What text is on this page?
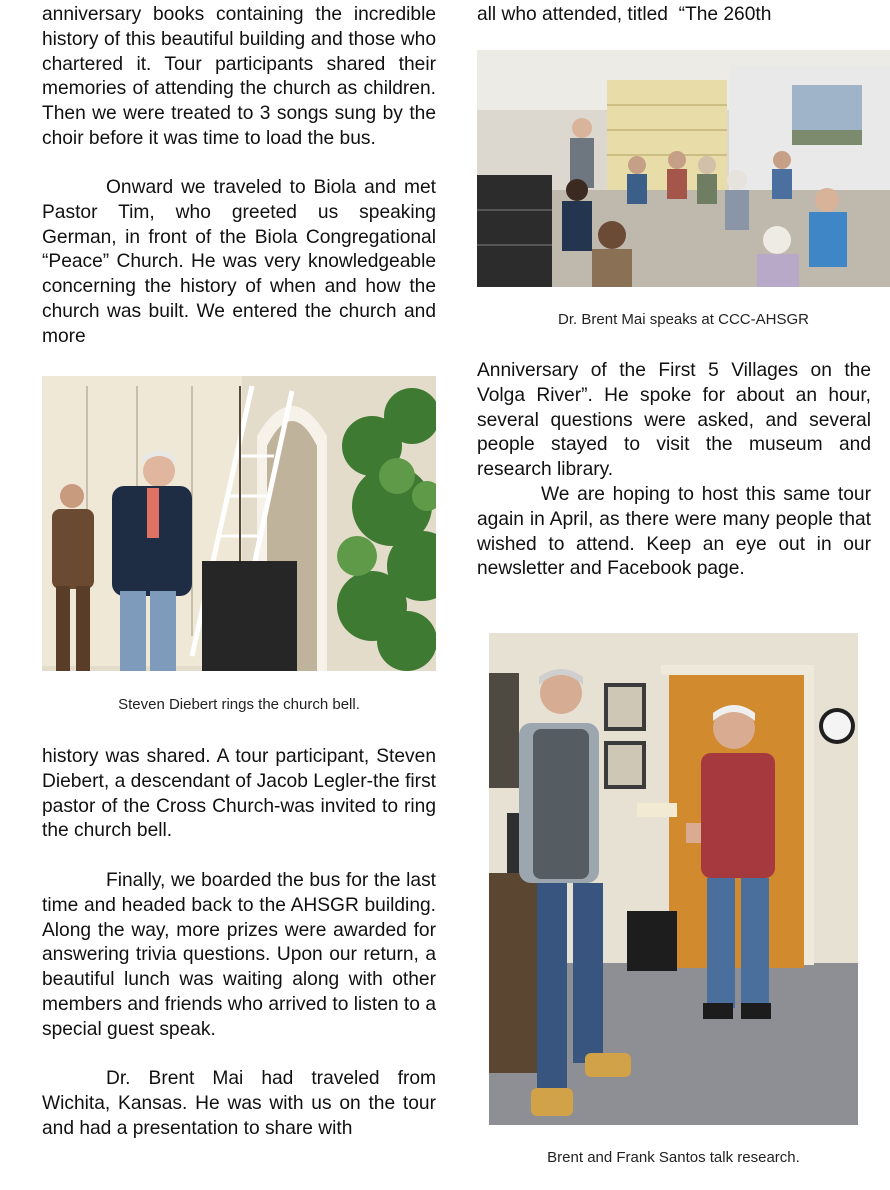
anniversary books containing the incredible history of this beautiful building and those who chartered it. Tour participants shared their memories of attending the church as children. Then we were treated to 3 songs sung by the choir before it was time to load the bus.

Onward we traveled to Biola and met Pastor Tim, who greeted us speaking German, in front of the Biola Congregational “Peace” Church. He was very knowledgeable concerning the history of when and how the church was built. We entered the church and more

Steven Diebert rings the church bell.

history was shared. A tour participant, Steven Diebert, a descendant of Jacob Legler-the first pastor of the Cross Church-was invited to ring the church bell.

Finally, we boarded the bus for the last time and headed back to the AHSGR building. Along the way, more prizes were awarded for answering trivia questions. Upon our return, a beautiful lunch was waiting along with other members and friends who arrived to listen to a special guest speak.

Dr. Brent Mai had traveled from Wichita, Kansas. He was with us on the tour and had a presentation to share with

all who attended, titled  “The 260th

Dr. Brent Mai speaks at CCC-AHSGR

Anniversary of the First 5 Villages on the Volga River”. He spoke for about an hour, several questions were asked, and several people stayed to visit the museum and research library.

We are hoping to host this same tour again in April, as there were many people that wished to attend. Keep an eye out in our newsletter and Facebook page.

Brent and Frank Santos talk research.
